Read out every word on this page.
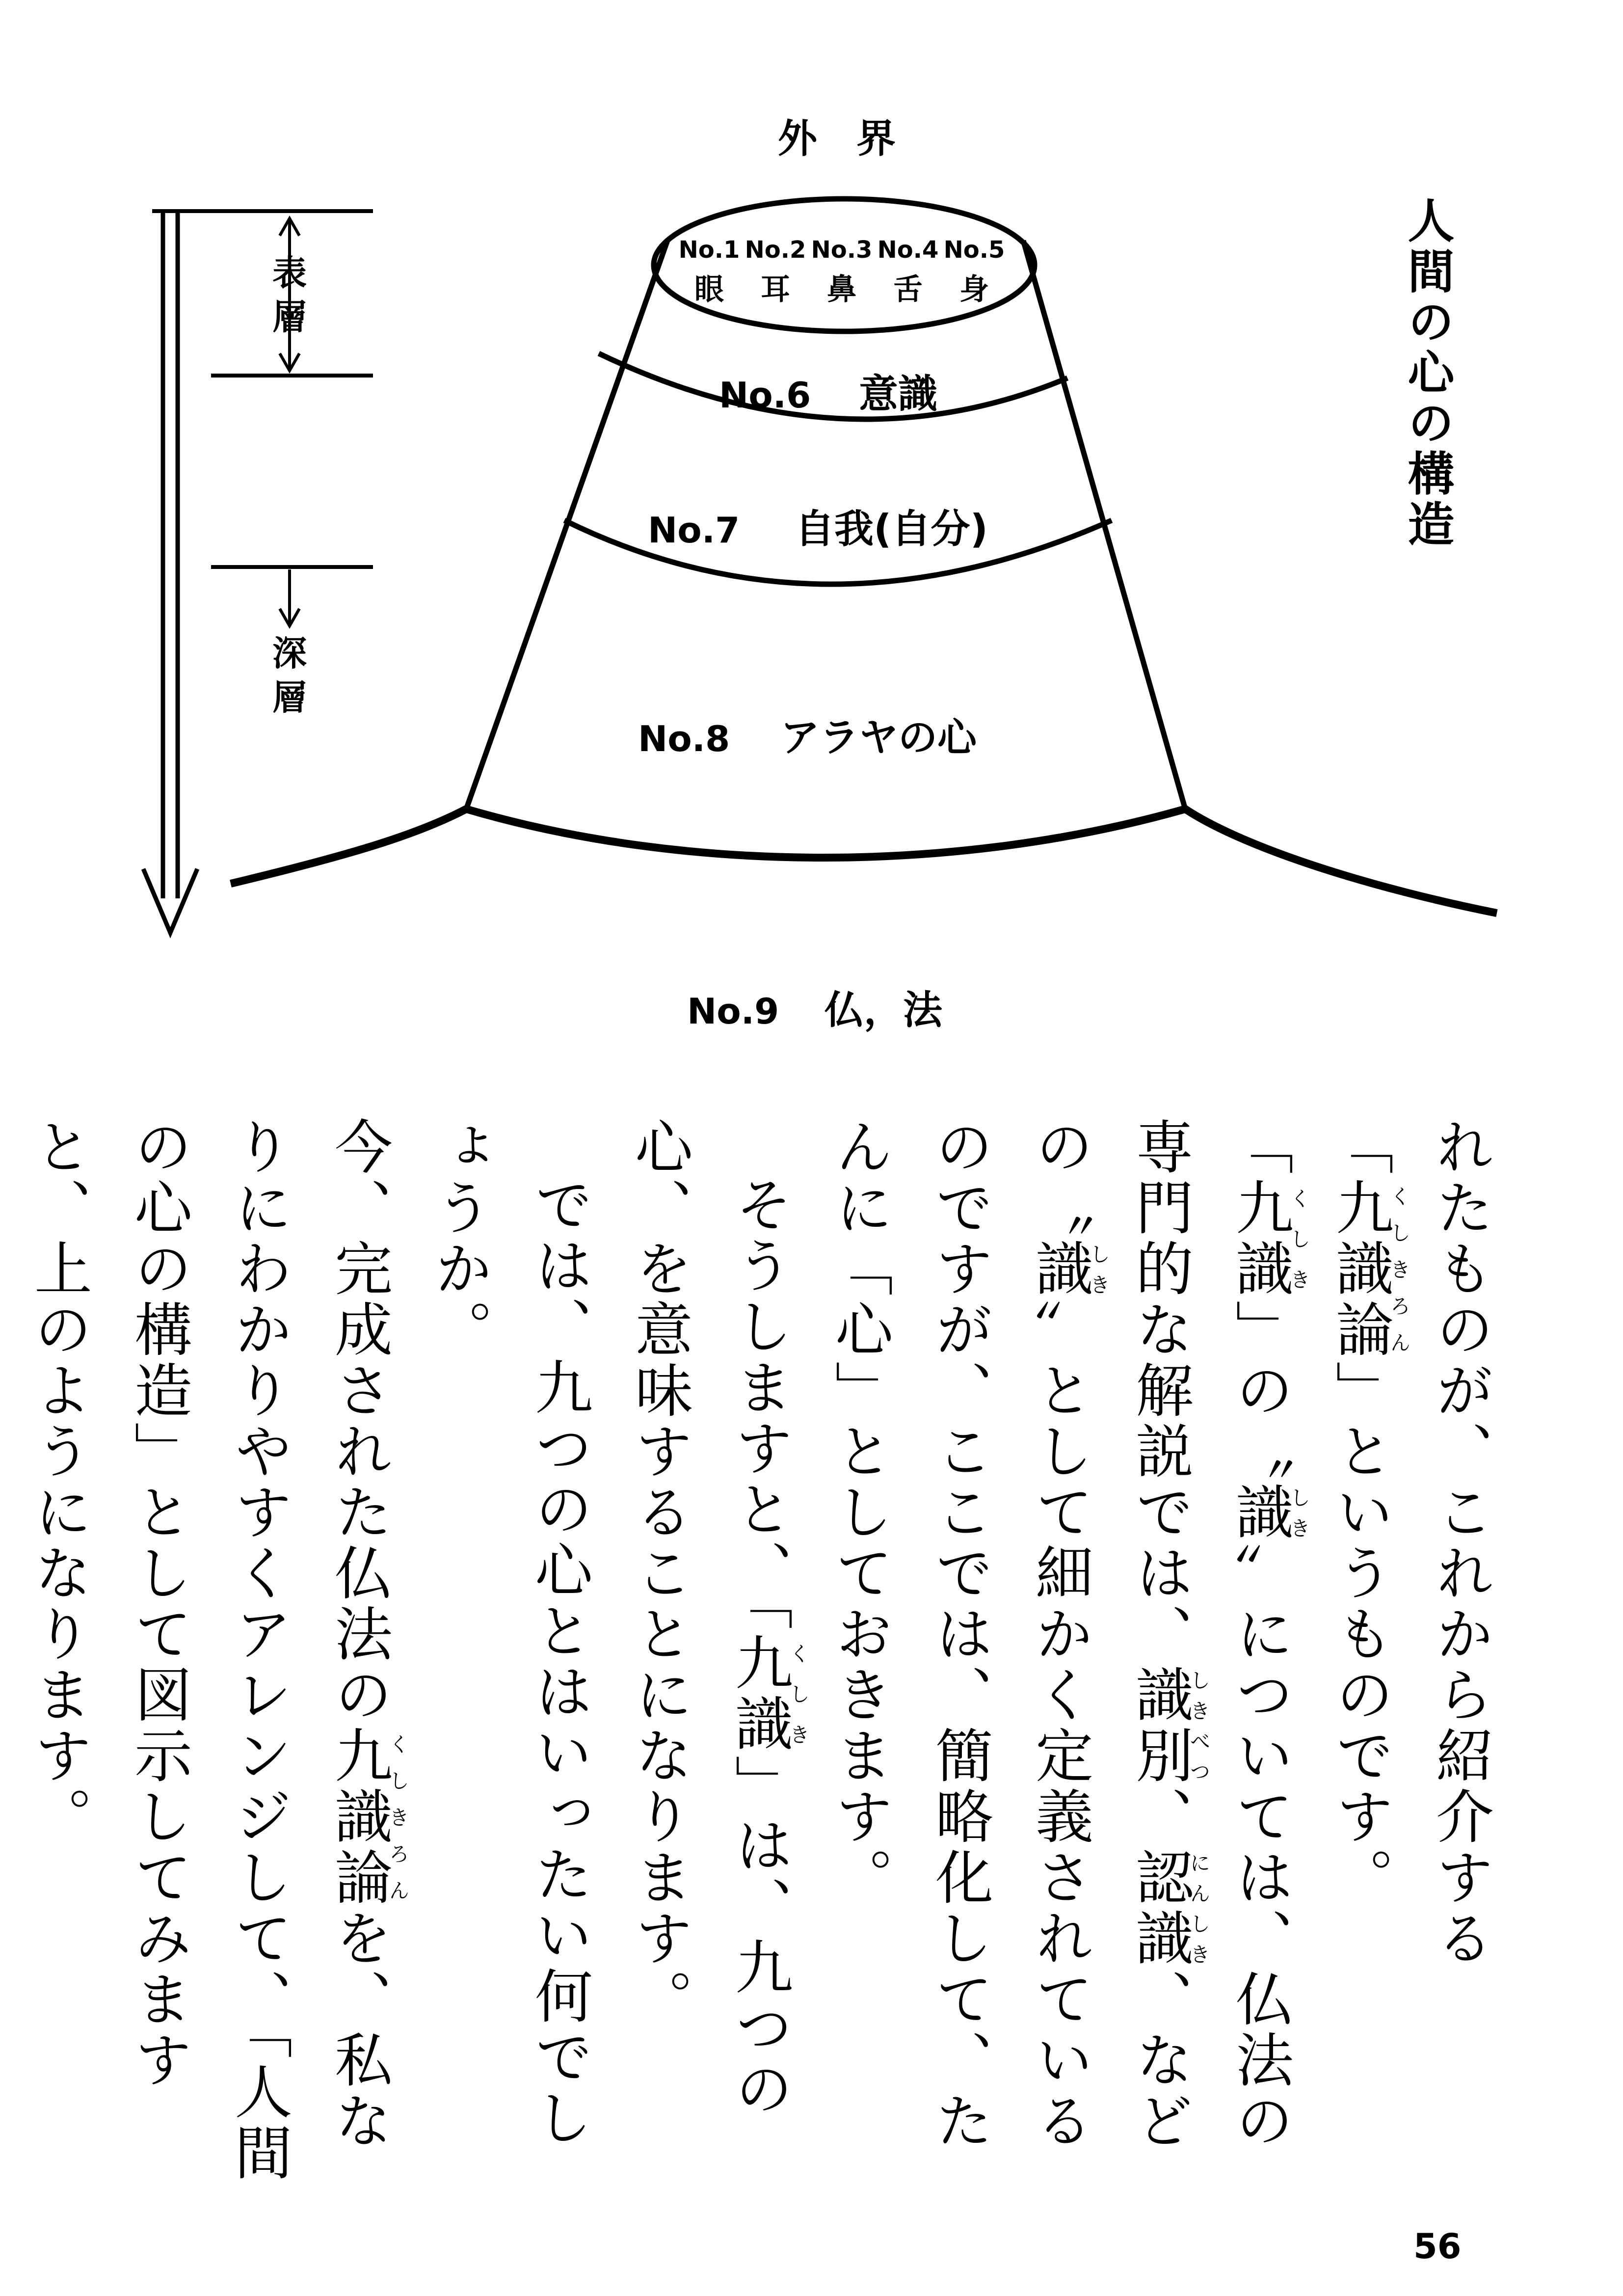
表
層
深
層
外　界
No.1
眼
No.2
耳
No.3
鼻
No.4
舌
No.5
身
No.6 意識
No.7 自我(自分)
No.8 アラヤの心
No.9 仏，法
人間の心の構造

れたものが、これから紹介する「九識論くしきろん」というものです。

「九識くしき」の〝識しき〟については、仏法の専門的な解説では、識別しきべつ、認識にんしき、などの〝識しき〟として細かく定義されているのですが、ここでは、簡略化して、たんに「心」としておきます。

そうしますと、「九識くしき」は、九つの心、を意味することになります。

では、九つの心とはいったい何でしょうか。

今、完成された仏法の九識論くしきろんを、私なりにわかりやすくアレンジして、「人間の心の構造」として図示してみますと、上のようになります。

56
